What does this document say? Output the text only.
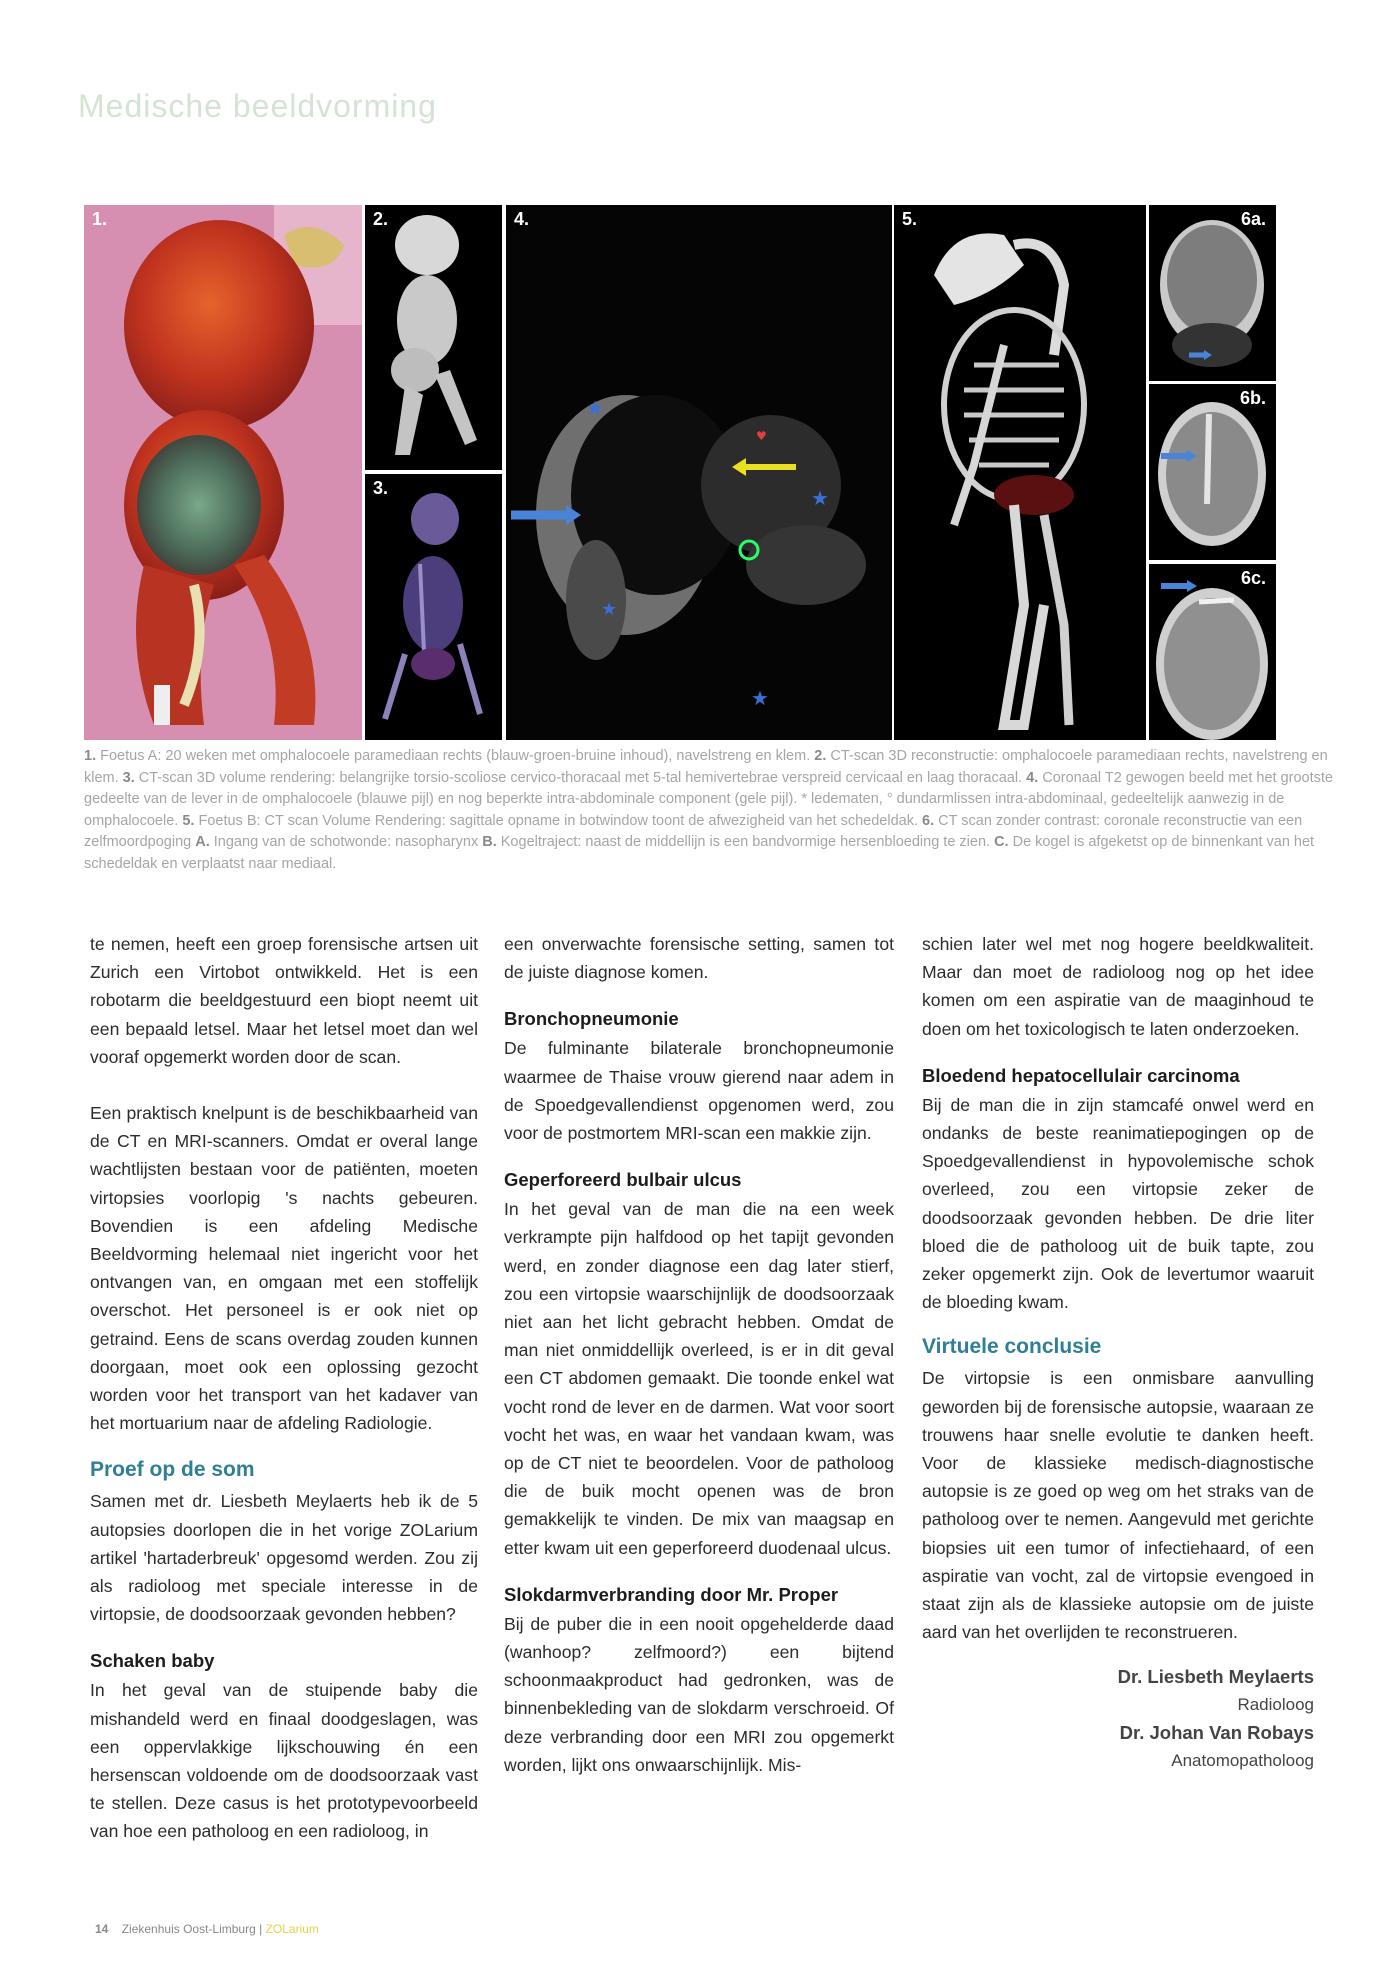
Medische beeldvorming
1.	2.
3.
★
★
★
★
♥
4.	5.	6a.
6b.
6c.
1. Foetus A: 20 weken met omphalocoele paramediaan rechts (blauw-groen-bruine inhoud), navelstreng en klem. 2. CT-scan 3D reconstructie: omphalocoele paramediaan rechts, navelstreng en klem. 3. CT-scan 3D volume rendering: belangrijke torsio-scoliose cervico-thoracaal met 5-tal hemivertebrae verspreid cervicaal en laag thoracaal. 4. Coronaal T2 gewogen beeld met het grootste gedeelte van de lever in de omphalocoele (blauwe pijl) en nog beperkte intra-abdominale component (gele pijl). * ledematen, ° dundarmlissen intra-abdominaal, gedeeltelijk aanwezig in de omphalocoele. 5. Foetus B: CT scan Volume Rendering: sagittale opname in botwindow toont de afwezigheid van het schedeldak. 6. CT scan zonder contrast: coronale reconstructie van een zelfmoordpoging A. Ingang van de schotwonde: nasopharynx B. Kogeltraject: naast de middellijn is een bandvormige hersenbloeding te zien. C. De kogel is afgeketst op de binnenkant van het schedeldak en verplaatst naar mediaal.

te nemen, heeft een groep forensische artsen uit Zurich een Virtobot ontwikkeld. Het is een robotarm die beeldgestuurd een biopt neemt uit een bepaald letsel. Maar het letsel moet dan wel vooraf opgemerkt worden door de scan.

Een praktisch knelpunt is de beschikbaarheid van de CT en MRI-scanners. Omdat er overal lange wachtlijsten bestaan voor de patiënten, moeten virtopsies voorlopig 's nachts gebeuren. Bovendien is een afdeling Medische Beeldvorming helemaal niet ingericht voor het ontvangen van, en omgaan met een stoffelijk overschot. Het personeel is er ook niet op getraind. Eens de scans overdag zouden kunnen doorgaan, moet ook een oplossing gezocht worden voor het transport van het kadaver van het mortuarium naar de afdeling Radiologie.

Proef op de som

Samen met dr. Liesbeth Meylaerts heb ik de 5 autopsies doorlopen die in het vorige ZOLarium artikel 'hartaderbreuk' opgesomd werden. Zou zij als radioloog met speciale interesse in de virtopsie, de doodsoorzaak gevonden hebben?

Schaken baby

In het geval van de stuipende baby die mishandeld werd en finaal doodgeslagen, was een oppervlakkige lijkschouwing én een hersenscan voldoende om de doodsoorzaak vast te stellen. Deze casus is het prototypevoorbeeld van hoe een patholoog en een radioloog, in

een onverwachte forensische setting, samen tot de juiste diagnose komen.

Bronchopneumonie

De fulminante bilaterale bronchopneumonie waarmee de Thaise vrouw gierend naar adem in de Spoedgevallendienst opgenomen werd, zou voor de postmortem MRI-scan een makkie zijn.

Geperforeerd bulbair ulcus

In het geval van de man die na een week verkrampte pijn halfdood op het tapijt gevonden werd, en zonder diagnose een dag later stierf, zou een virtopsie waarschijnlijk de doodsoorzaak niet aan het licht gebracht hebben. Omdat de man niet onmiddellijk overleed, is er in dit geval een CT abdomen gemaakt. Die toonde enkel wat vocht rond de lever en de darmen. Wat voor soort vocht het was, en waar het vandaan kwam, was op de CT niet te beoordelen. Voor de patholoog die de buik mocht openen was de bron gemakkelijk te vinden. De mix van maagsap en etter kwam uit een geperforeerd duodenaal ulcus.

Slokdarmverbranding door Mr. Proper

Bij de puber die in een nooit opgehelderde daad (wanhoop? zelfmoord?) een bijtend schoonmaakproduct had gedronken, was de binnenbekleding van de slokdarm verschroeid. Of deze verbranding door een MRI zou opgemerkt worden, lijkt ons onwaarschijnlijk. Mis-

schien later wel met nog hogere beeldkwaliteit. Maar dan moet de radioloog nog op het idee komen om een aspiratie van de maaginhoud te doen om het toxicologisch te laten onderzoeken.

Bloedend hepatocellulair carcinoma

Bij de man die in zijn stamcafé onwel werd en ondanks de beste reanimatiepogingen op de Spoedgevallendienst in hypovolemische schok overleed, zou een virtopsie zeker de doodsoorzaak gevonden hebben. De drie liter bloed die de patholoog uit de buik tapte, zou zeker opgemerkt zijn. Ook de levertumor waaruit de bloeding kwam.

Virtuele conclusie

De virtopsie is een onmisbare aanvulling geworden bij de forensische autopsie, waaraan ze trouwens haar snelle evolutie te danken heeft. Voor de klassieke medisch-diagnostische autopsie is ze goed op weg om het straks van de patholoog over te nemen. Aangevuld met gerichte biopsies uit een tumor of infectiehaard, of een aspiratie van vocht, zal de virtopsie evengoed in staat zijn als de klassieke autopsie om de juiste aard van het overlijden te reconstrueren.

Dr. Liesbeth Meylaerts
Radioloog
Dr. Johan Van Robays
Anatomopatholoog
14 Ziekenhuis Oost-Limburg | ZOLarium
